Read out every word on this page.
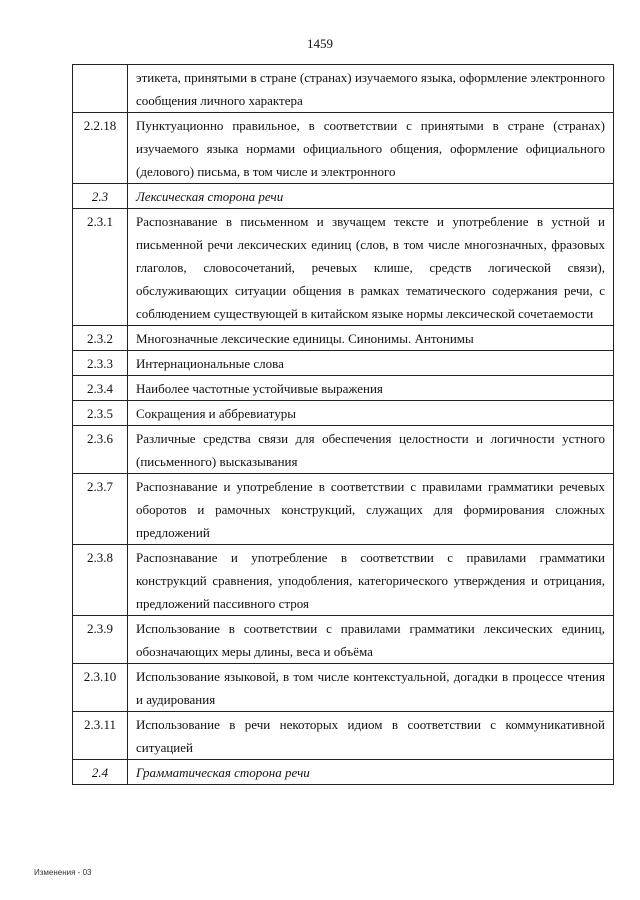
1459
	этикета, принятыми в стране (странах) изучаемого языка, оформление электронного сообщения личного характера
2.2.18	Пунктуационно правильное, в соответствии с принятыми в стране (странах) изучаемого языка нормами официального общения, оформление официального (делового) письма, в том числе и электронного
2.3	Лексическая сторона речи
2.3.1	Распознавание в письменном и звучащем тексте и употребление в устной и письменной речи лексических единиц (слов, в том числе многозначных, фразовых глаголов, словосочетаний, речевых клише, средств логической связи), обслуживающих ситуации общения в рамках тематического содержания речи, с соблюдением существующей в китайском языке нормы лексической сочетаемости
2.3.2	Многозначные лексические единицы. Синонимы. Антонимы
2.3.3	Интернациональные слова
2.3.4	Наиболее частотные устойчивые выражения
2.3.5	Сокращения и аббревиатуры
2.3.6	Различные средства связи для обеспечения целостности и логичности устного (письменного) высказывания
2.3.7	Распознавание и употребление в соответствии с правилами грамматики речевых оборотов и рамочных конструкций, служащих для формирования сложных предложений
2.3.8	Распознавание и употребление в соответствии с правилами грамматики конструкций сравнения, уподобления, категорического утверждения и отрицания, предложений пассивного строя
2.3.9	Использование в соответствии с правилами грамматики лексических единиц, обозначающих меры длины, веса и объёма
2.3.10	Использование языковой, в том числе контекстуальной, догадки в процессе чтения и аудирования
2.3.11	Использование в речи некоторых идиом в соответствии с коммуникативной ситуацией
2.4	Грамматическая сторона речи
Изменения - 03
